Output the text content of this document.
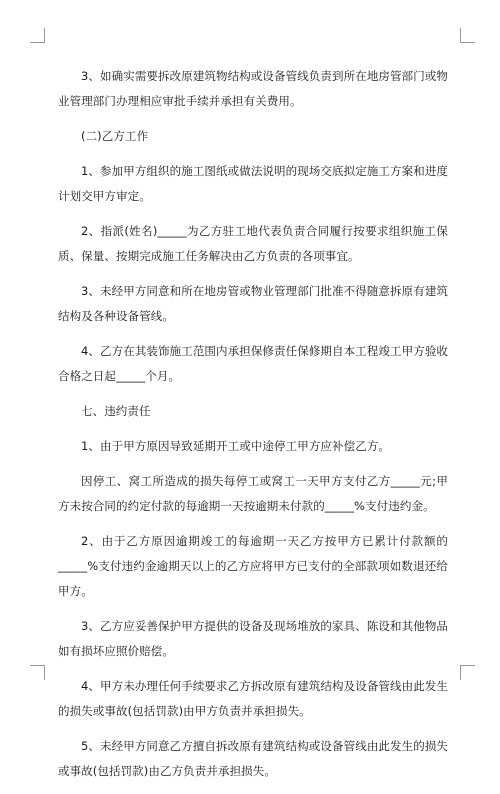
3、如确实需要拆改原建筑物结构或设备管线负责到所在地房管部门或物业管理部门办理相应审批手续并承担有关费用。

(二)乙方工作

1、参加甲方组织的施工图纸或做法说明的现场交底拟定施工方案和进度计划交甲方审定。

2、指派(姓名)_____为乙方驻工地代表负责合同履行按要求组织施工保质、保量、按期完成施工任务解决由乙方负责的各项事宜。

3、未经甲方同意和所在地房管或物业管理部门批准不得随意拆原有建筑结构及各种设备管线。

4、乙方在其装饰施工范围内承担保修责任保修期自本工程竣工甲方验收合格之日起_____个月。

七、违约责任

1、由于甲方原因导致延期开工或中途停工甲方应补偿乙方。

因停工、窝工所造成的损失每停工或窝工一天甲方支付乙方_____元;甲方未按合同的约定付款的每逾期一天按逾期未付款的_____%支付违约金。

2、由于乙方原因逾期竣工的每逾期一天乙方按甲方已累计付款额的_____%支付违约金逾期天以上的乙方应将甲方已支付的全部款项如数退还给甲方。

3、乙方应妥善保护甲方提供的设备及现场堆放的家具、陈设和其他物品如有损坏应照价赔偿。

4、甲方未办理任何手续要求乙方拆改原有建筑结构及设备管线由此发生的损失或事故(包括罚款)由甲方负责并承担损失。

5、未经甲方同意乙方擅自拆改原有建筑结构或设备管线由此发生的损失或事故(包括罚款)由乙方负责并承担损失。
